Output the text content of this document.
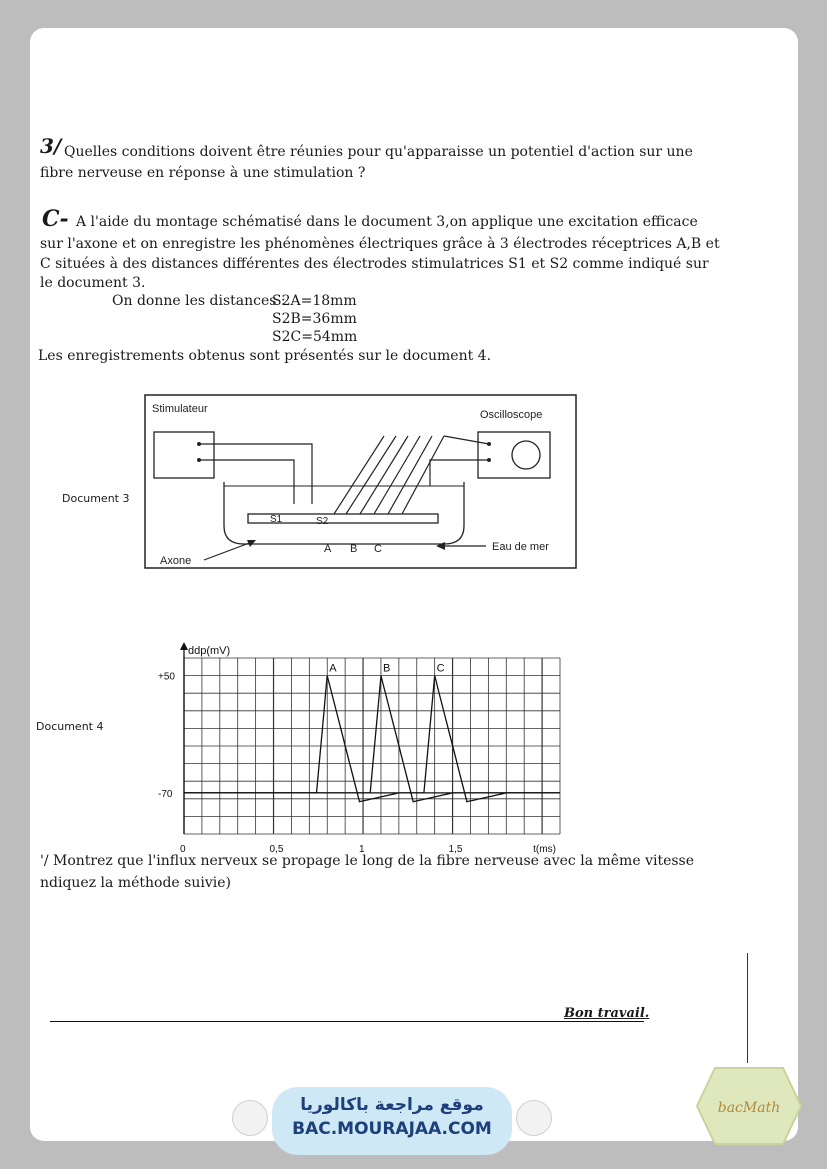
3/ Quelles conditions doivent être réunies pour qu'apparaisse un potentiel d'action sur une
fibre nerveuse en réponse à une stimulation ?
C- A l'aide du montage schématisé dans le document 3,on applique une excitation efficace
sur l'axone et on enregistre les phénomènes électriques grâce à 3 électrodes réceptrices A,B et
C situées à des distances différentes des électrodes stimulatrices S1 et S2 comme indiqué sur
le document 3.
On donne les distances :
S2A=18mm
S2B=36mm
S2C=54mm
Les enregistrements obtenus sont présentés sur le document 4.
Document 3
Stimulateur	Oscilloscope
S1	S2
A B C
Axone
Eau de mer
Document 4
ddp(mV)
+50
-70
0	0,5	1	1,5	t(ms)
A	B	C
'/ Montrez que l'influx nerveux se propage le long de la fibre nerveuse avec la même vitesse
ndiquez la méthode suivie)
Bon travail.
موقع مراجعة باكالوريا
BAC.MOURAJAA.COM
bacMath
